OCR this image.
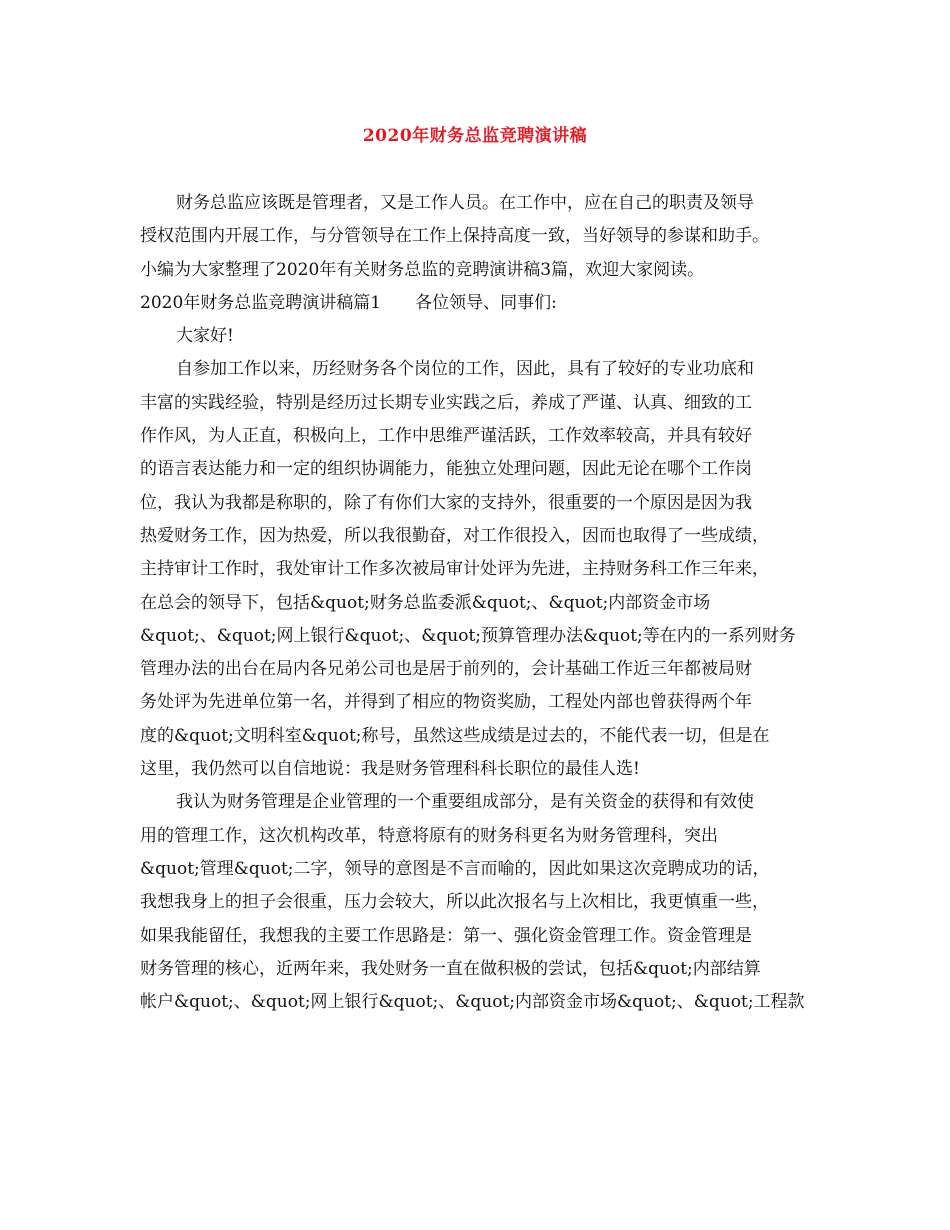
2020年财务总监竞聘演讲稿
财务总监应该既是管理者，又是工作人员。在工作中，应在自己的职责及领导
授权范围内开展工作，与分管领导在工作上保持高度一致，当好领导的参谋和助手。
小编为大家整理了2020年有关财务总监的竞聘演讲稿3篇，欢迎大家阅读。
2020年财务总监竞聘演讲稿篇1　　各位领导、同事们:
大家好!
自参加工作以来，历经财务各个岗位的工作，因此，具有了较好的专业功底和
丰富的实践经验，特别是经历过长期专业实践之后，养成了严谨、认真、细致的工
作作风，为人正直，积极向上，工作中思维严谨活跃，工作效率较高，并具有较好
的语言表达能力和一定的组织协调能力，能独立处理问题，因此无论在哪个工作岗
位，我认为我都是称职的，除了有你们大家的支持外，很重要的一个原因是因为我
热爱财务工作，因为热爱，所以我很勤奋，对工作很投入，因而也取得了一些成绩，
主持审计工作时，我处审计工作多次被局审计处评为先进，主持财务科工作三年来，
在总会的领导下，包括&quot;财务总监委派&quot;、&quot;内部资金市场
&quot;、&quot;网上银行&quot;、&quot;预算管理办法&quot;等在内的一系列财务
管理办法的出台在局内各兄弟公司也是居于前列的，会计基础工作近三年都被局财
务处评为先进单位第一名，并得到了相应的物资奖励，工程处内部也曾获得两个年
度的&quot;文明科室&quot;称号，虽然这些成绩是过去的，不能代表一切，但是在
这里，我仍然可以自信地说：我是财务管理科科长职位的最佳人选!
我认为财务管理是企业管理的一个重要组成部分，是有关资金的获得和有效使
用的管理工作，这次机构改革，特意将原有的财务科更名为财务管理科，突出
&quot;管理&quot;二字，领导的意图是不言而喻的，因此如果这次竞聘成功的话，
我想我身上的担子会很重，压力会较大，所以此次报名与上次相比，我更慎重一些，
如果我能留任，我想我的主要工作思路是：第一、强化资金管理工作。资金管理是
财务管理的核心，近两年来，我处财务一直在做积极的尝试，包括&quot;内部结算
帐户&quot;、&quot;网上银行&quot;、&quot;内部资金市场&quot;、&quot;工程款
